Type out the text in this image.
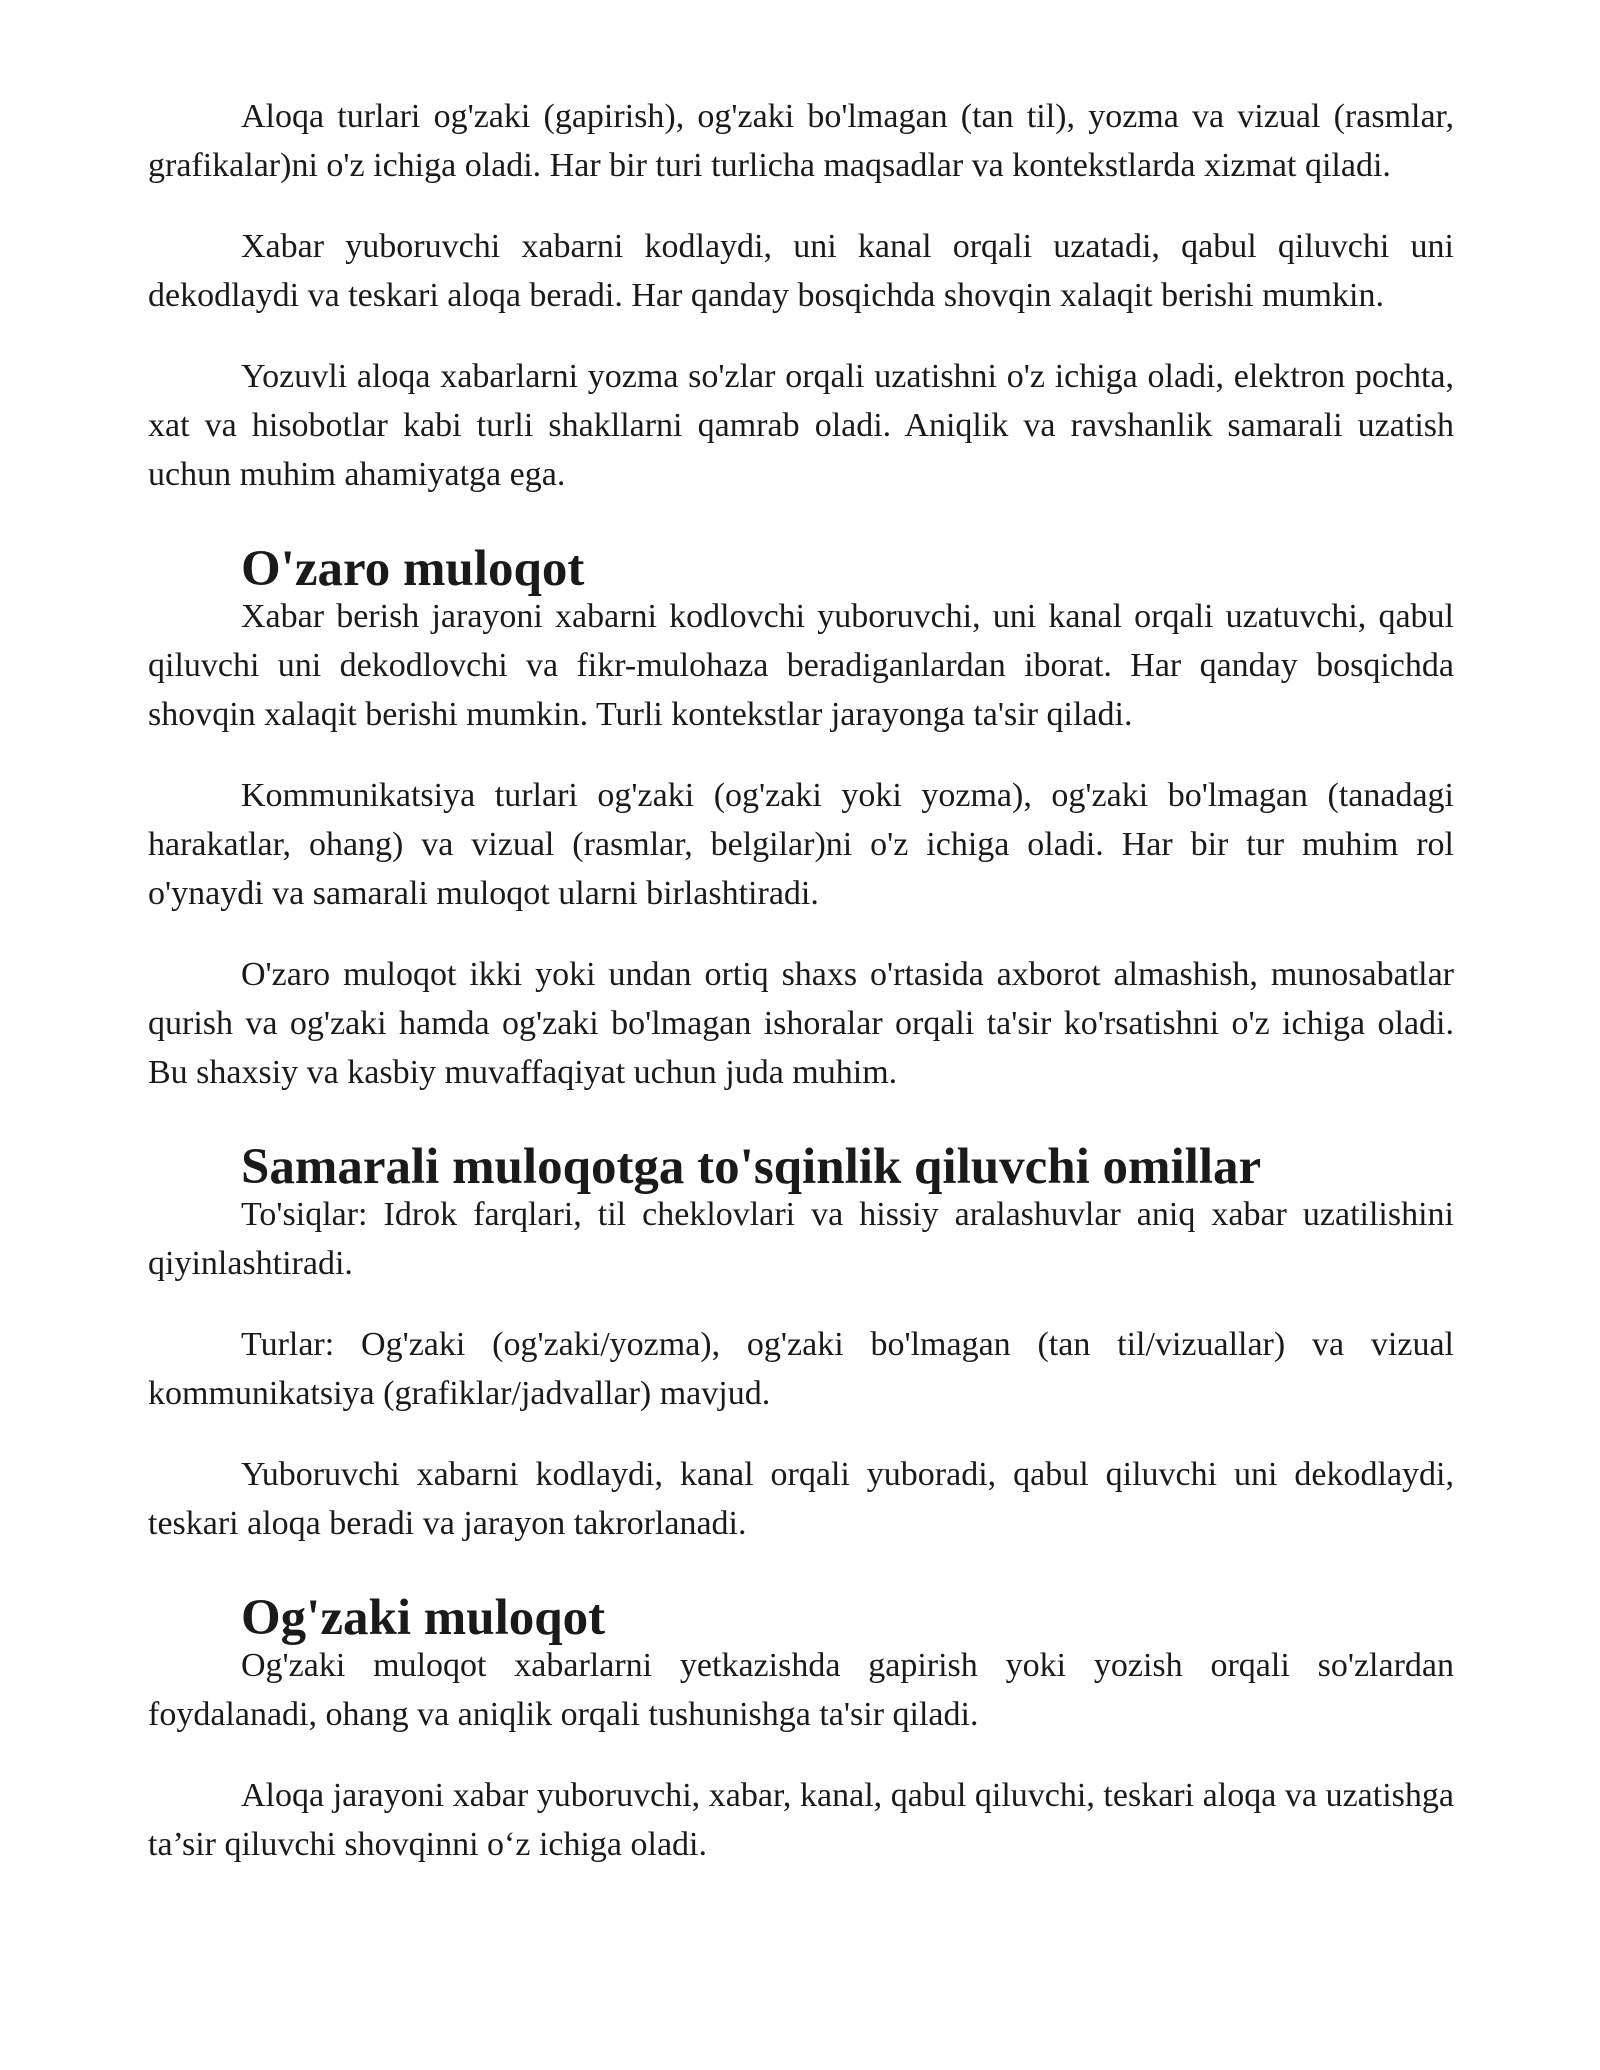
Aloqa turlari og'zaki (gapirish), og'zaki bo'lmagan (tan til), yozma va vizual (rasmlar, grafikalar)ni o'z ichiga oladi. Har bir turi turlicha maqsadlar va kontekstlarda xizmat qiladi.

Xabar yuboruvchi xabarni kodlaydi, uni kanal orqali uzatadi, qabul qiluvchi uni dekodlaydi va teskari aloqa beradi. Har qanday bosqichda shovqin xalaqit berishi mumkin.

Yozuvli aloqa xabarlarni yozma so'zlar orqali uzatishni o'z ichiga oladi, elektron pochta, xat va hisobotlar kabi turli shakllarni qamrab oladi. Aniqlik va ravshanlik samarali uzatish uchun muhim ahamiyatga ega.

O'zaro muloqot

Xabar berish jarayoni xabarni kodlovchi yuboruvchi, uni kanal orqali uzatuvchi, qabul qiluvchi uni dekodlovchi va fikr-mulohaza beradiganlardan iborat. Har qanday bosqichda shovqin xalaqit berishi mumkin. Turli kontekstlar jarayonga ta'sir qiladi.

Kommunikatsiya turlari og'zaki (og'zaki yoki yozma), og'zaki bo'lmagan (tanadagi harakatlar, ohang) va vizual (rasmlar, belgilar)ni o'z ichiga oladi. Har bir tur muhim rol o'ynaydi va samarali muloqot ularni birlashtiradi.

O'zaro muloqot ikki yoki undan ortiq shaxs o'rtasida axborot almashish, munosabatlar qurish va og'zaki hamda og'zaki bo'lmagan ishoralar orqali ta'sir ko'rsatishni o'z ichiga oladi. Bu shaxsiy va kasbiy muvaffaqiyat uchun juda muhim.

Samarali muloqotga to'sqinlik qiluvchi omillar

To'siqlar: Idrok farqlari, til cheklovlari va hissiy aralashuvlar aniq xabar uzatilishini qiyinlashtiradi.

Turlar: Og'zaki (og'zaki/yozma), og'zaki bo'lmagan (tan til/vizuallar) va vizual kommunikatsiya (grafiklar/jadvallar) mavjud.

Yuboruvchi xabarni kodlaydi, kanal orqali yuboradi, qabul qiluvchi uni dekodlaydi, teskari aloqa beradi va jarayon takrorlanadi.

Og'zaki muloqot

Og'zaki muloqot xabarlarni yetkazishda gapirish yoki yozish orqali so'zlardan foydalanadi, ohang va aniqlik orqali tushunishga ta'sir qiladi.

Aloqa jarayoni xabar yuboruvchi, xabar, kanal, qabul qiluvchi, teskari aloqa va uzatishga ta’sir qiluvchi shovqinni oʻz ichiga oladi.
